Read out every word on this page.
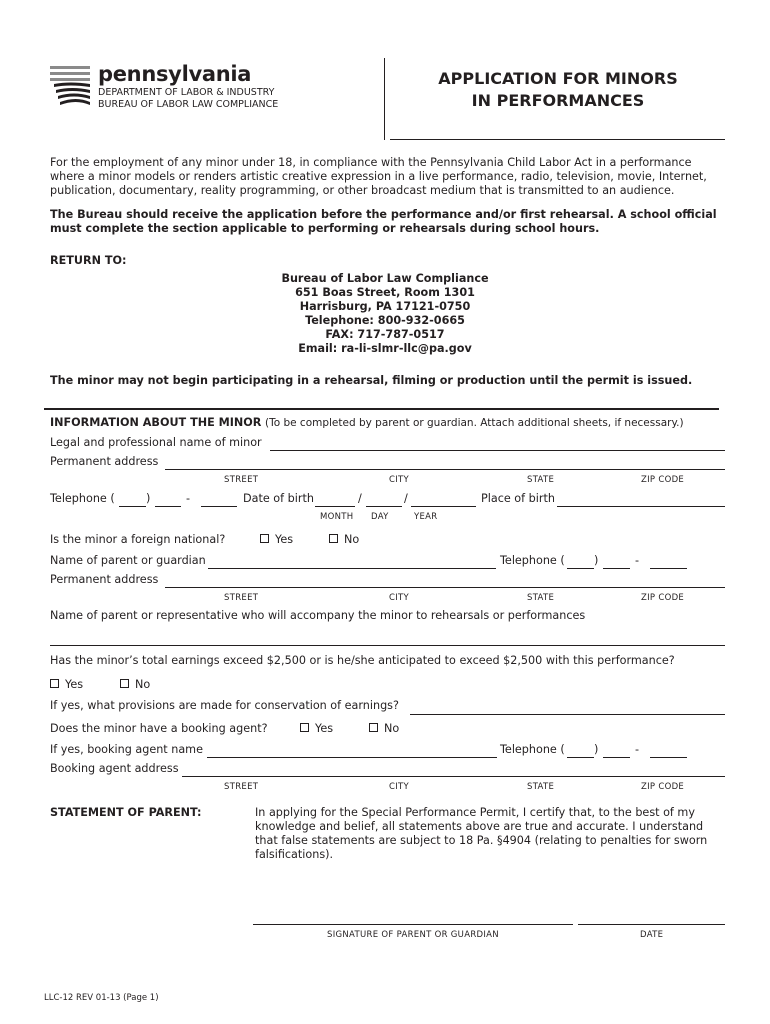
pennsylvania
DEPARTMENT OF LABOR & INDUSTRY
BUREAU OF LABOR LAW COMPLIANCE
APPLICATION FOR MINORS
IN PERFORMANCES
For the employment of any minor under 18, in compliance with the Pennsylvania Child Labor Act in a performance
where a minor models or renders artistic creative expression in a live performance, radio, television, movie, Internet,
publication, documentary, reality programming, or other broadcast medium that is transmitted to an audience.
The Bureau should receive the application before the performance and/or first rehearsal. A school official
must complete the section applicable to performing or rehearsals during school hours.
RETURN TO:
Bureau of Labor Law Compliance
651 Boas Street, Room 1301
Harrisburg, PA 17121-0750
Telephone: 800-932-0665
FAX: 717-787-0517
Email: ra-li-slmr-llc@pa.gov
The minor may not begin participating in a rehearsal, filming or production until the permit is issued.
INFORMATION ABOUT THE MINOR (To be completed by parent or guardian. Attach additional sheets, if necessary.)
Legal and professional name of minor
Permanent address
STREET	CITY	STATE	ZIP CODE
Telephone (	)	-	Date of birth	/	/	Place of birth
MONTH DAY	YEAR
Is the minor a foreign national?	Yes	No
Name of parent or guardian	Telephone (	)	-
Permanent address
STREET	CITY	STATE	ZIP CODE
Name of parent or representative who will accompany the minor to rehearsals or performances
Has the minor’s total earnings exceed $2,500 or is he/she anticipated to exceed $2,500 with this performance?
Yes	No
If yes, what provisions are made for conservation of earnings?
Does the minor have a booking agent?	Yes	No
If yes, booking agent name	Telephone (	)	-
Booking agent address
STREET	CITY	STATE	ZIP CODE
STATEMENT OF PARENT:	In applying for the Special Performance Permit, I certify that, to the best of my
knowledge and belief, all statements above are true and accurate. I understand
that false statements are subject to 18 Pa. §4904 (relating to penalties for sworn
falsifications).
SIGNATURE OF PARENT OR GUARDIAN	DATE
LLC-12 REV 01-13 (Page 1)
